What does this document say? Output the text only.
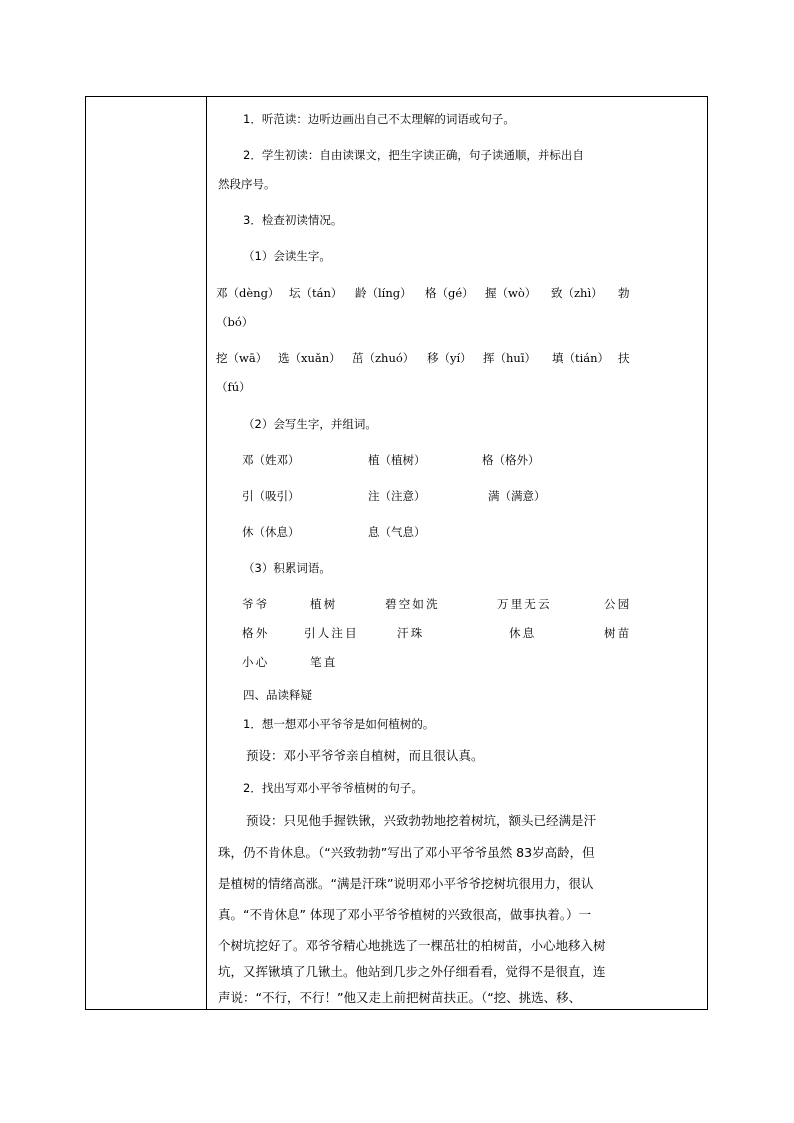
1．听范读：边听边画出自己不太理解的词语或句子。
2．学生初读：自由读课文，把生字读正确，句子读通顺，并标出自
然段序号。
3．检查初读情况。
（1）会读生字。
邓（dèng） 坛（tán） 龄（líng） 格（gé） 握（wò） 致（zhì） 勃
（bó）
挖（wā） 选（xuǎn） 茁（zhuó） 移（yí） 挥（huī） 填（tián） 扶
（fú）
（2）会写生字，并组词。
邓（姓邓）	植（植树）	格（格外）
引（吸引）	注（注意）	满（满意）
休（休息）	息（气息）
（3）积累词语。
爷爷	植树	碧空如洗	万里无云	公园
格外	引人注目	汗珠	休息	树苗
小心	笔直
四、品读释疑
1．想一想邓小平爷爷是如何植树的。
预设：邓小平爷爷亲自植树，而且很认真。
2．找出写邓小平爷爷植树的句子。
预设：只见他手握铁锹，兴致勃勃地挖着树坑，额头已经满是汗
珠，仍不肯休息。（“兴致勃勃”写出了邓小平爷爷虽然 83岁高龄，但
是植树的情绪高涨。“满是汗珠”说明邓小平爷爷挖树坑很用力，很认
真。“不肯休息” 体现了邓小平爷爷植树的兴致很高，做事执着。）一
个树坑挖好了。邓爷爷精心地挑选了一棵茁壮的柏树苗，小心地移入树
坑，又挥锹填了几锹土。他站到几步之外仔细看看，觉得不是很直，连
声说：“不行，不行！”他又走上前把树苗扶正。（“挖、挑选、移、
